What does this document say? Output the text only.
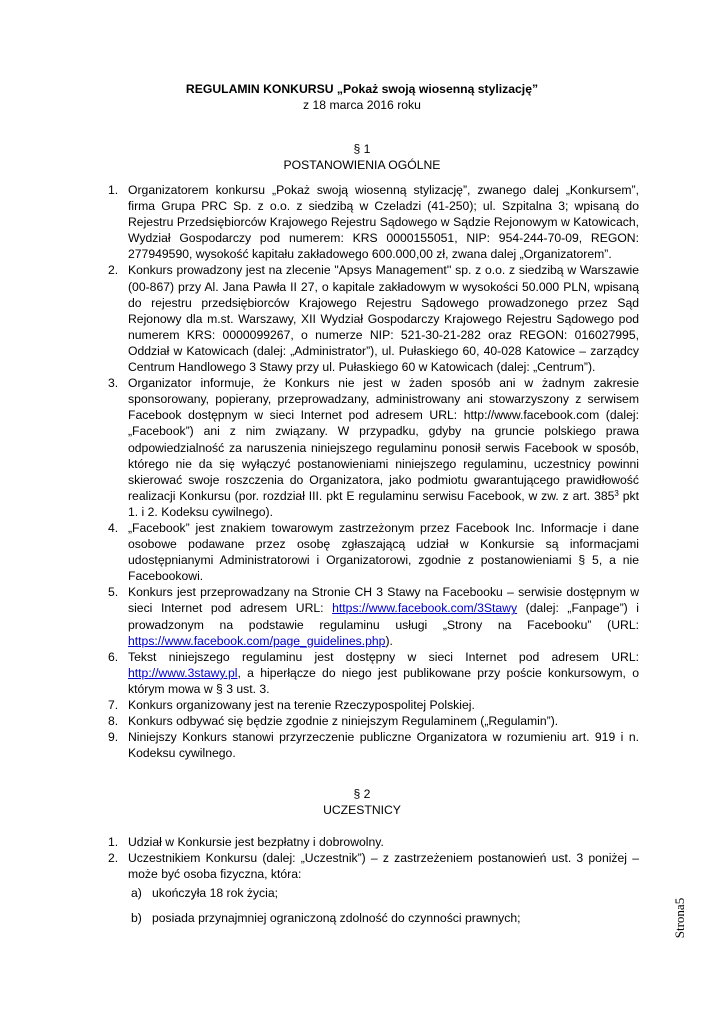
REGULAMIN KONKURSU „Pokaż swoją wiosenną stylizację”
z 18 marca 2016 roku
§ 1
POSTANOWIENIA OGÓLNE
1. Organizatorem konkursu „Pokaż swoją wiosenną stylizację”, zwanego dalej „Konkursem”, firma Grupa PRC Sp. z o.o. z siedzibą w Czeladzi (41-250); ul. Szpitalna 3; wpisaną do Rejestru Przedsiębiorców Krajowego Rejestru Sądowego w Sądzie Rejonowym w Katowicach, Wydział Gospodarczy pod numerem: KRS 0000155051, NIP: 954-244-70-09, REGON: 277949590, wysokość kapitału zakładowego 600.000,00 zł, zwana dalej „Organizatorem”.
2. Konkurs prowadzony jest na zlecenie "Apsys Management'' sp. z o.o. z siedzibą w Warszawie (00-867) przy Al. Jana Pawła II 27, o kapitale zakładowym w wysokości 50.000 PLN, wpisaną do rejestru przedsiębiorców Krajowego Rejestru Sądowego prowadzonego przez Sąd Rejonowy dla m.st. Warszawy, XII Wydział Gospodarczy Krajowego Rejestru Sądowego pod numerem KRS: 0000099267, o numerze NIP: 521-30-21-282 oraz REGON: 016027995, Oddział w Katowicach (dalej: „Administrator”), ul. Pułaskiego 60, 40-028 Katowice – zarządcy Centrum Handlowego 3 Stawy przy ul. Pułaskiego 60 w Katowicach (dalej: „Centrum”).
3. Organizator informuje, że Konkurs nie jest w żaden sposób ani w żadnym zakresie sponsorowany, popierany, przeprowadzany, administrowany ani stowarzyszony z serwisem Facebook dostępnym w sieci Internet pod adresem URL: http://www.facebook.com (dalej: „Facebook”) ani z nim związany. W przypadku, gdyby na gruncie polskiego prawa odpowiedzialność za naruszenia niniejszego regulaminu ponosił serwis Facebook w sposób, którego nie da się wyłączyć postanowieniami niniejszego regulaminu, uczestnicy powinni skierować swoje roszczenia do Organizatora, jako podmiotu gwarantującego prawidłowość realizacji Konkursu (por. rozdział III. pkt E regulaminu serwisu Facebook, w zw. z art. $385^3$ pkt 1. i 2. Kodeksu cywilnego).
4. „Facebook” jest znakiem towarowym zastrzeżonym przez Facebook Inc. Informacje i dane osobowe podawane przez osobę zgłaszającą udział w Konkursie są informacjami udostępnianymi Administratorowi i Organizatorowi, zgodnie z postanowieniami § 5, a nie Facebookowi.
5. Konkurs jest przeprowadzany na Stronie CH 3 Stawy na Facebooku – serwisie dostępnym w sieci Internet pod adresem URL: https://www.facebook.com/3Stawy (dalej: „Fanpage”) i prowadzonym na podstawie regulaminu usługi „Strony na Facebooku” (URL: https://www.facebook.com/page_guidelines.php).
6. Tekst niniejszego regulaminu jest dostępny w sieci Internet pod adresem URL: http://www.3stawy.pl, a hiperłącze do niego jest publikowane przy poście konkursowym, o którym mowa w § 3 ust. 3.
7. Konkurs organizowany jest na terenie Rzeczypospolitej Polskiej.
8. Konkurs odbywać się będzie zgodnie z niniejszym Regulaminem („Regulamin”).
9. Niniejszy Konkurs stanowi przyrzeczenie publiczne Organizatora w rozumieniu art. 919 i n. Kodeksu cywilnego.
§ 2
UCZESTNICY
1. Udział w Konkursie jest bezpłatny i dobrowolny.
2. Uczestnikiem Konkursu (dalej: „Uczestnik”) – z zastrzeżeniem postanowień ust. 3 poniżej – może być osoba fizyczna, która:
a) ukończyła 18 rok życia;
b) posiada przynajmniej ograniczoną zdolność do czynności prawnych;	Strona5
